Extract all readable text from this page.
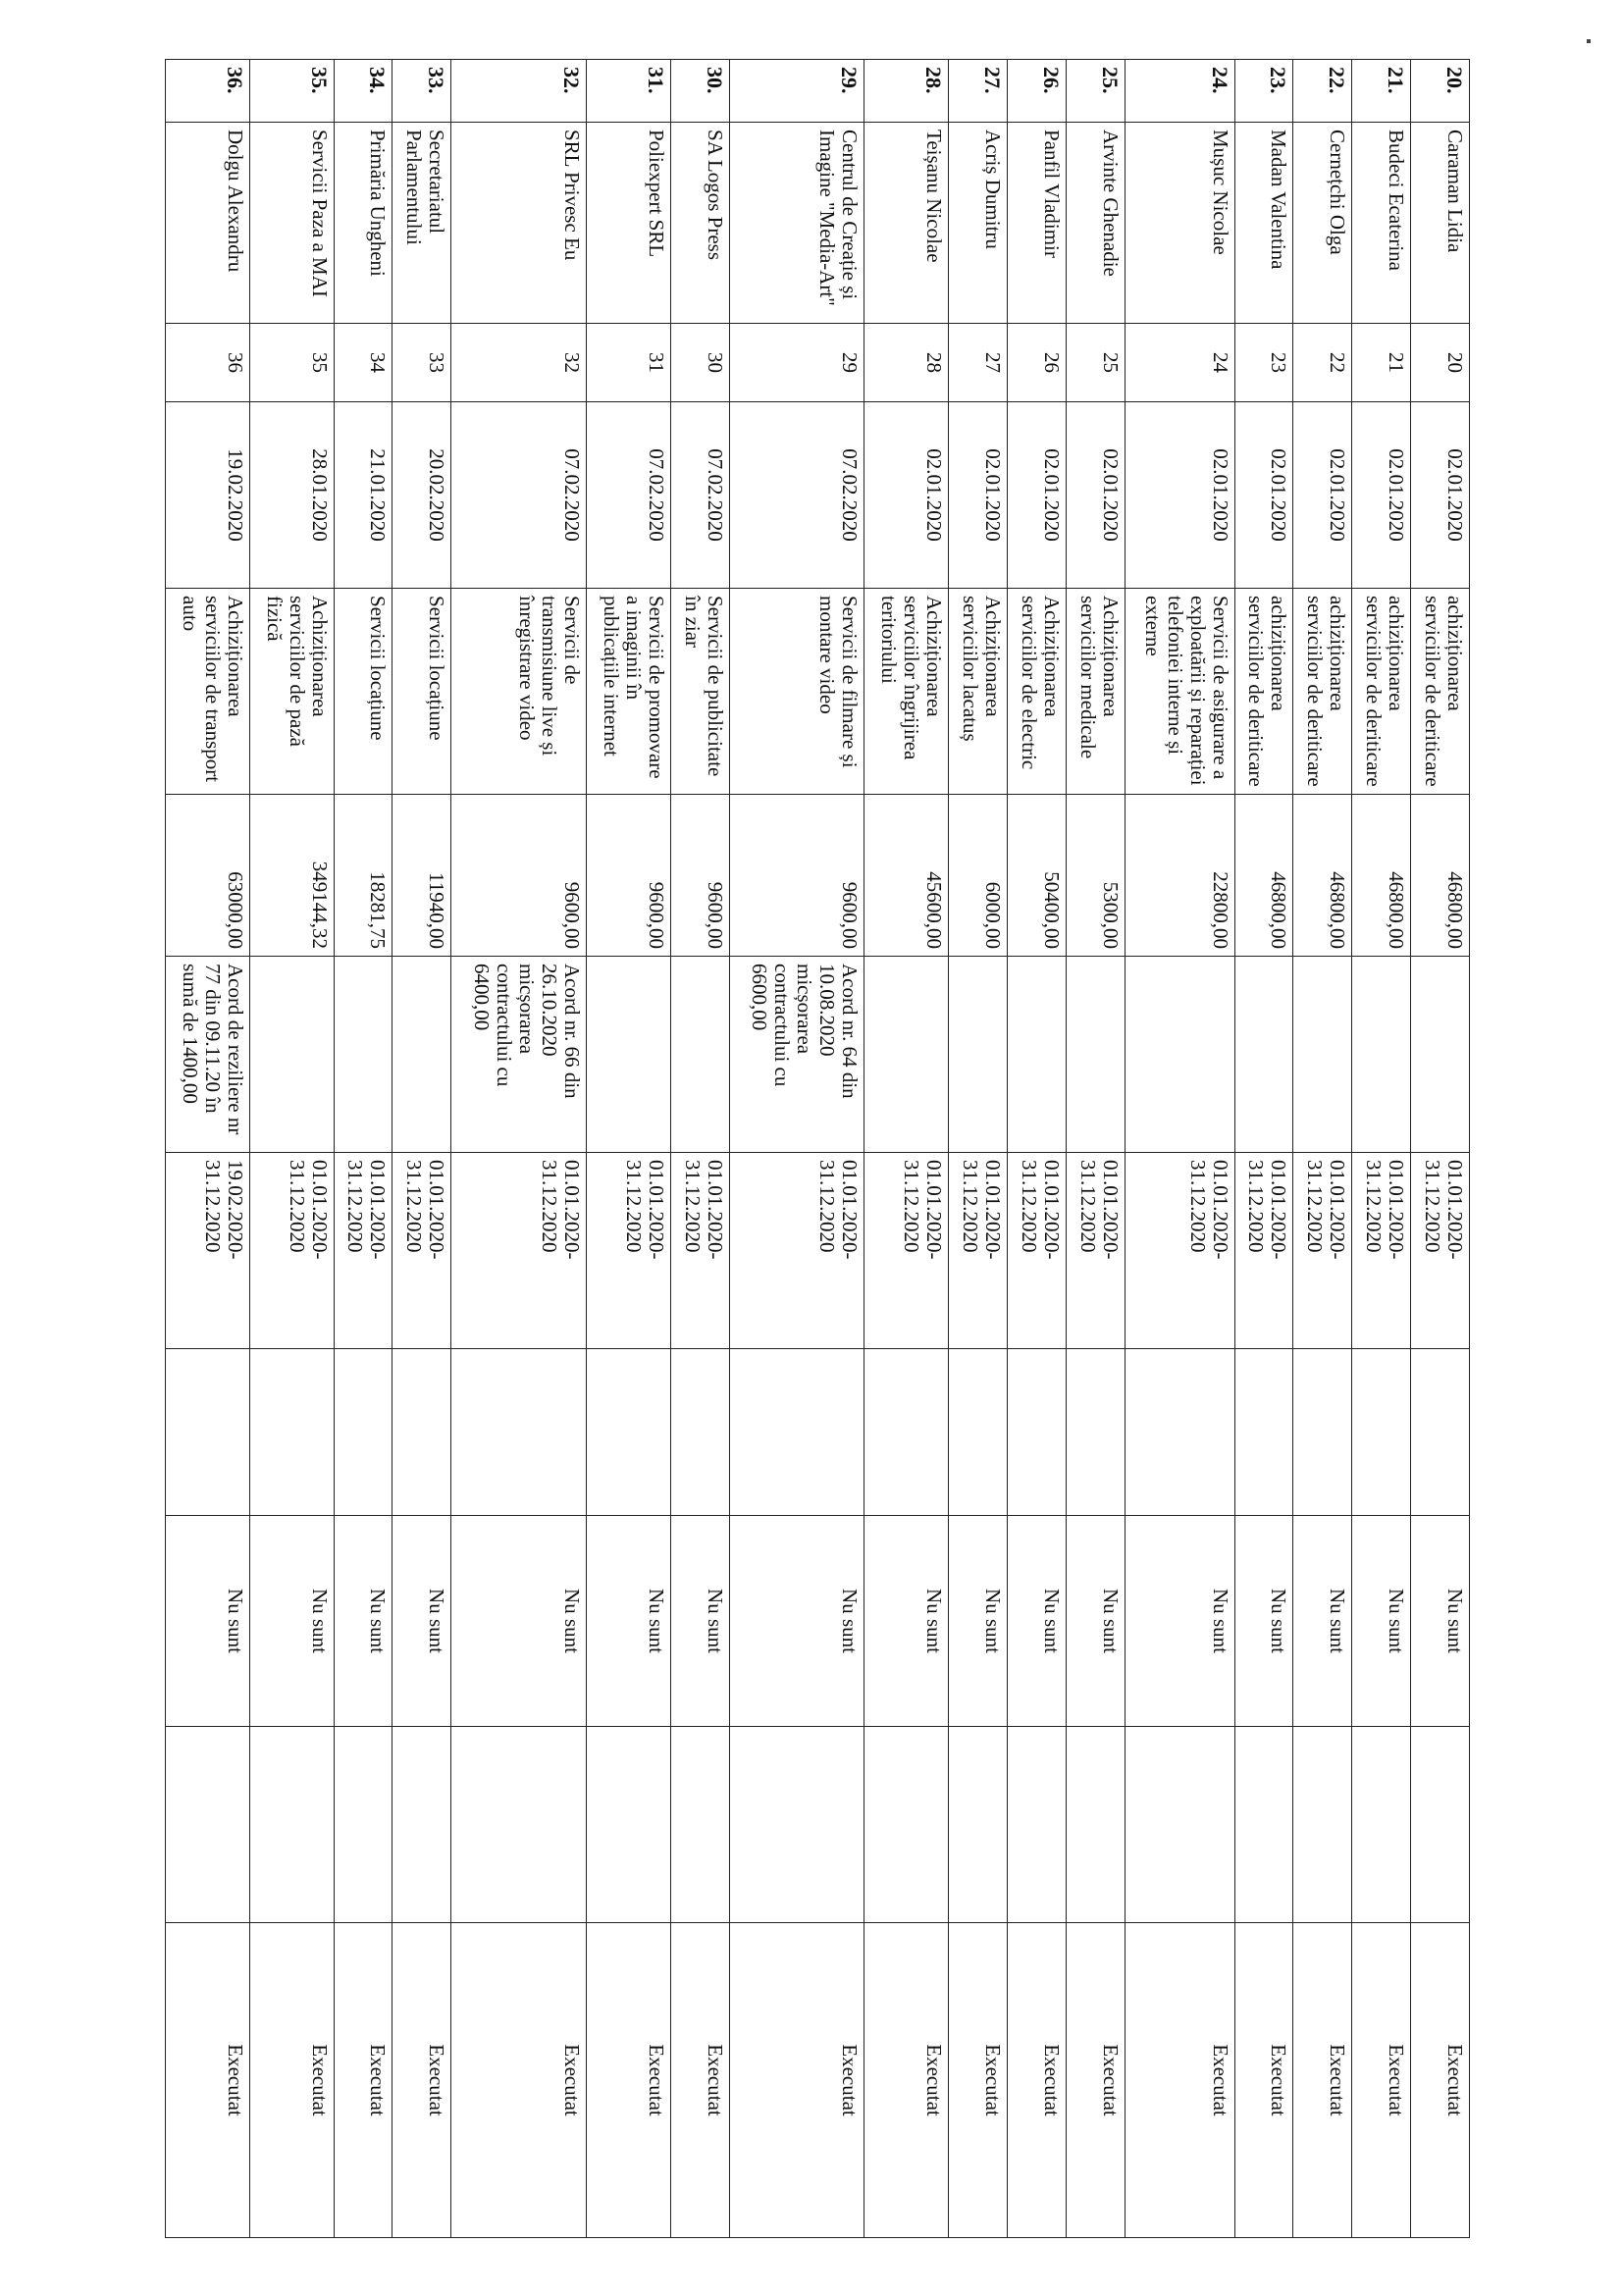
20.	Caraman Lidia	20	02.01.2020	achiziționarea serviciilor de deriticare	46800,00		01.01.2020-31.12.2020		Nu sunt		Executat
21.	Budeci Ecaterina	21	02.01.2020	achiziționarea serviciilor de deriticare	46800,00		01.01.2020-31.12.2020		Nu sunt		Executat
22.	Cernețchi Olga	22	02.01.2020	achiziționarea serviciilor de deriticare	46800,00		01.01.2020-31.12.2020		Nu sunt		Executat
23.	Madan Valentina	23	02.01.2020	achiziționarea serviciilor de deriticare	46800,00		01.01.2020-31.12.2020		Nu sunt		Executat
24.	Mușuc Nicolae	24	02.01.2020	Servicii de asigurare a exploatării și reparației telefoniei interne și externe	22800,00		01.01.2020-31.12.2020		Nu sunt		Executat
25.	Arvinte Ghenadie	25	02.01.2020	Achiziționarea serviciilor medicale	5300,00		01.01.2020-31.12.2020		Nu sunt		Executat
26.	Panfil Vladimir	26	02.01.2020	Achiziționarea serviciilor de electric	50400,00		01.01.2020-31.12.2020		Nu sunt		Executat
27.	Acriș Dumitru	27	02.01.2020	Achiziționarea serviciilor lacatuș	6000,00		01.01.2020-31.12.2020		Nu sunt		Executat
28.	Teișanu Nicolae	28	02.01.2020	Achiziționarea serviciilor îngrijirea teritoriului	45600,00		01.01.2020-31.12.2020		Nu sunt		Executat
29.	Centrul de Creație și Imagine "Media-Art"	29	07.02.2020	Servicii de filmare și montare video	9600,00	Acord nr. 64 din 10.08.2020 micșorarea contractului cu 6600,00	01.01.2020-31.12.2020		Nu sunt		Executat
30.	SA Logos Press	30	07.02.2020	Servicii de publicitate în ziar	9600,00		01.01.2020-31.12.2020		Nu sunt		Executat
31.	Poliexpert SRL	31	07.02.2020	Servicii de promovare a imaginii în publicațiile internet	9600,00		01.01.2020-31.12.2020		Nu sunt		Executat
32.	SRL Privesc Eu	32	07.02.2020	Servicii de transmisiune live și înregistrare video	9600,00	Acord nr. 66 din 26.10.2020 micșorarea contractului cu 6400,00	01.01.2020-31.12.2020		Nu sunt		Executat
33.	Secretariatul Parlamentului	33	20.02.2020	Servicii locațiune	11940,00		01.01.2020-31.12.2020		Nu sunt		Executat
34.	Primăria Ungheni	34	21.01.2020	Servicii locațiune	18281,75		01.01.2020-31.12.2020		Nu sunt		Executat
35.	Servicii Paza a MAI	35	28.01.2020	Achiziționarea serviciilor de pază fizică	349144,32		01.01.2020-31.12.2020		Nu sunt		Executat
36.	Dolgu Alexandru	36	19.02.2020	Achiziționarea serviciilor de transport auto	63000,00	Acord de reziliere nr 77 din 09.11.20 în sumă de 1400,00	19.02.2020-31.12.2020		Nu sunt		Executat
